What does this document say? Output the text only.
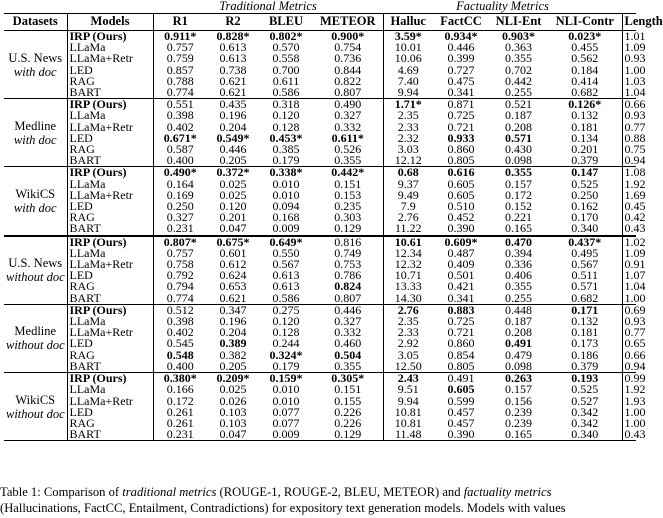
		Traditional Metrics				Factuality Metrics				
Datasets	Models	R1	R2	BLEU	METEOR	Halluc	FactCC	NLI-Ent	NLI-Contr	Length

U.S. News
with doc	IRP (Ours)	0.911*	0.828*	0.802*	0.900*	3.59*	0.934*	0.903*	0.023*	1.01
	LLaMa	0.757	0.613	0.570	0.754	10.01	0.446	0.363	0.455	1.09
	LLaMa+Retr	0.759	0.613	0.558	0.736	10.06	0.399	0.355	0.562	0.93
	LED	0.857	0.738	0.700	0.844	4.69	0.727	0.702	0.184	1.00
	RAG	0.788	0.621	0.611	0.822	7.40	0.475	0.442	0.414	1.03
	BART	0.774	0.621	0.586	0.807	9.94	0.341	0.255	0.682	1.04

Medline
with doc	IRP (Ours)	0.551	0.435	0.318	0.490	1.71*	0.871	0.521	0.126*	0.66
	LLaMa	0.398	0.196	0.120	0.327	2.35	0.725	0.187	0.132	0.93
	LLaMa+Retr	0.402	0.204	0.128	0.332	2.33	0.721	0.208	0.181	0.77
	LED	0.671*	0.549*	0.453*	0.611*	2.32	0.933	0.571	0.134	0.88
	RAG	0.587	0.446	0.385	0.526	3.03	0.860	0.430	0.201	0.75
	BART	0.400	0.205	0.179	0.355	12.12	0.805	0.098	0.379	0.94

WikiCS
with doc	IRP (Ours)	0.490*	0.372*	0.338*	0.442*	0.68	0.616	0.355	0.147	1.08
	LLaMa	0.164	0.025	0.010	0.151	9.37	0.605	0.157	0.525	1.92
	LLaMa+Retr	0.169	0.025	0.010	0.153	9.49	0.605	0.172	0.250	1.69
	LED	0.250	0.120	0.094	0.235	7.9	0.510	0.152	0.162	0.45
	RAG	0.327	0.201	0.168	0.303	2.76	0.452	0.221	0.170	0.42
	BART	0.231	0.047	0.009	0.129	11.22	0.390	0.165	0.340	0.43

U.S. News
without doc	IRP (Ours)	0.807*	0.675*	0.649*	0.816	10.61	0.609*	0.470	0.437*	1.02
	LLaMa	0.757	0.601	0.550	0.749	12.34	0.487	0.394	0.495	1.09
	LLaMa+Retr	0.758	0.612	0.567	0.753	12.32	0.409	0.336	0.567	0.91
	LED	0.792	0.624	0.613	0.786	10.71	0.501	0.406	0.511	1.07
	RAG	0.794	0.653	0.613	0.824	13.33	0.421	0.355	0.571	1.04
	BART	0.774	0.621	0.586	0.807	14.30	0.341	0.255	0.682	1.00

Medline
without doc	IRP (Ours)	0.512	0.347	0.275	0.446	2.76	0.883	0.448	0.171	0.69
	LLaMa	0.398	0.196	0.120	0.327	2.35	0.725	0.187	0.132	0.93
	LLaMa+Retr	0.402	0.204	0.128	0.332	2.33	0.721	0.208	0.181	0.77
	LED	0.545	0.389	0.244	0.460	2.92	0.860	0.491	0.173	0.65
	RAG	0.548	0.382	0.324*	0.504	3.05	0.854	0.479	0.186	0.66
	BART	0.400	0.205	0.179	0.355	12.50	0.805	0.098	0.379	0.94

WikiCS
without doc	IRP (Ours)	0.380*	0.209*	0.159*	0.305*	2.43	0.491	0.263	0.193	0.99
	LLaMa	0.166	0.025	0.010	0.151	9.51	0.605	0.157	0.525	1.92
	LLaMa+Retr	0.172	0.026	0.010	0.155	9.94	0.599	0.156	0.527	1.93
	LED	0.261	0.103	0.077	0.226	10.81	0.457	0.239	0.342	1.00
	RAG	0.261	0.103	0.077	0.226	10.81	0.457	0.239	0.342	1.00
	BART	0.231	0.047	0.009	0.129	11.48	0.390	0.165	0.340	0.43
Table 1: Comparison of traditional metrics (ROUGE-1, ROUGE-2, BLEU, METEOR) and factuality metrics
(Hallucinations, FactCC, Entailment, Contradictions) for expository text generation models. Models with values
